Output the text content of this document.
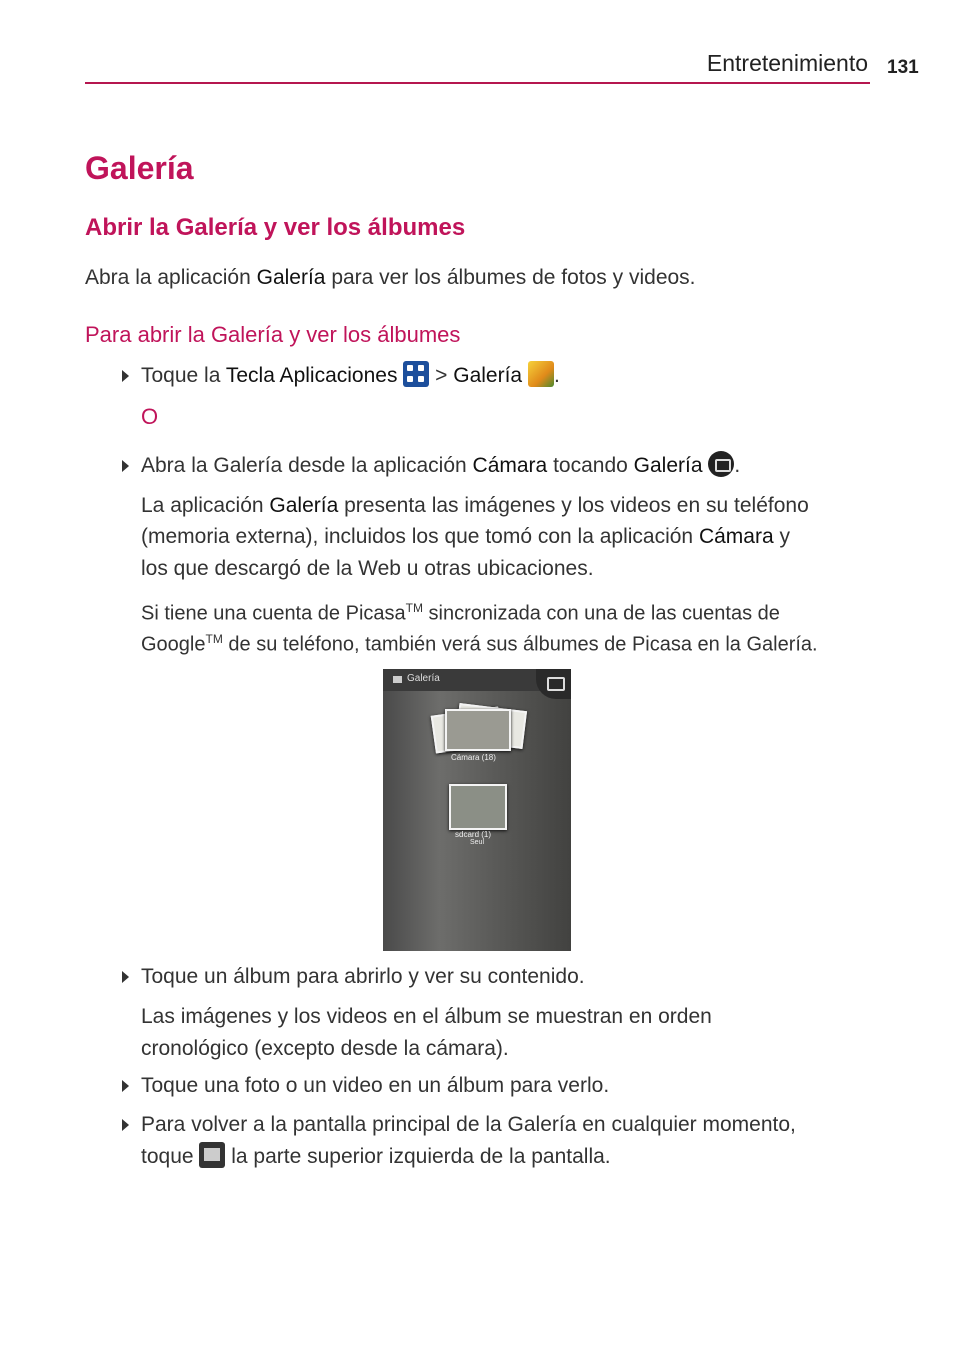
Entretenimiento 131
Galería
Abrir la Galería y ver los álbumes
Abra la aplicación Galería para ver los álbumes de fotos y videos.
Para abrir la Galería y ver los álbumes
Toque la Tecla Aplicaciones
> Galería .
O
Abra la Galería desde la aplicación Cámara tocando Galería .
La aplicación Galería presenta las imágenes y los videos en su teléfono
(memoria externa), incluidos los que tomó con la aplicación Cámara y
los que descargó de la Web u otras ubicaciones.
Si tiene una cuenta de Picasa™ sincronizada con una de las cuentas de
Google™ de su teléfono, también verá sus álbumes de Picasa en la Galería.
Galería
Cámara (18)
sdcard (1)
Seul
Toque un álbum para abrirlo y ver su contenido.
Las imágenes y los videos en el álbum se muestran en orden
cronológico (excepto desde la cámara).
Toque una foto o un video en un álbum para verlo.
Para volver a la pantalla principal de la Galería en cualquier momento,
toque  la parte superior izquierda de la pantalla.
